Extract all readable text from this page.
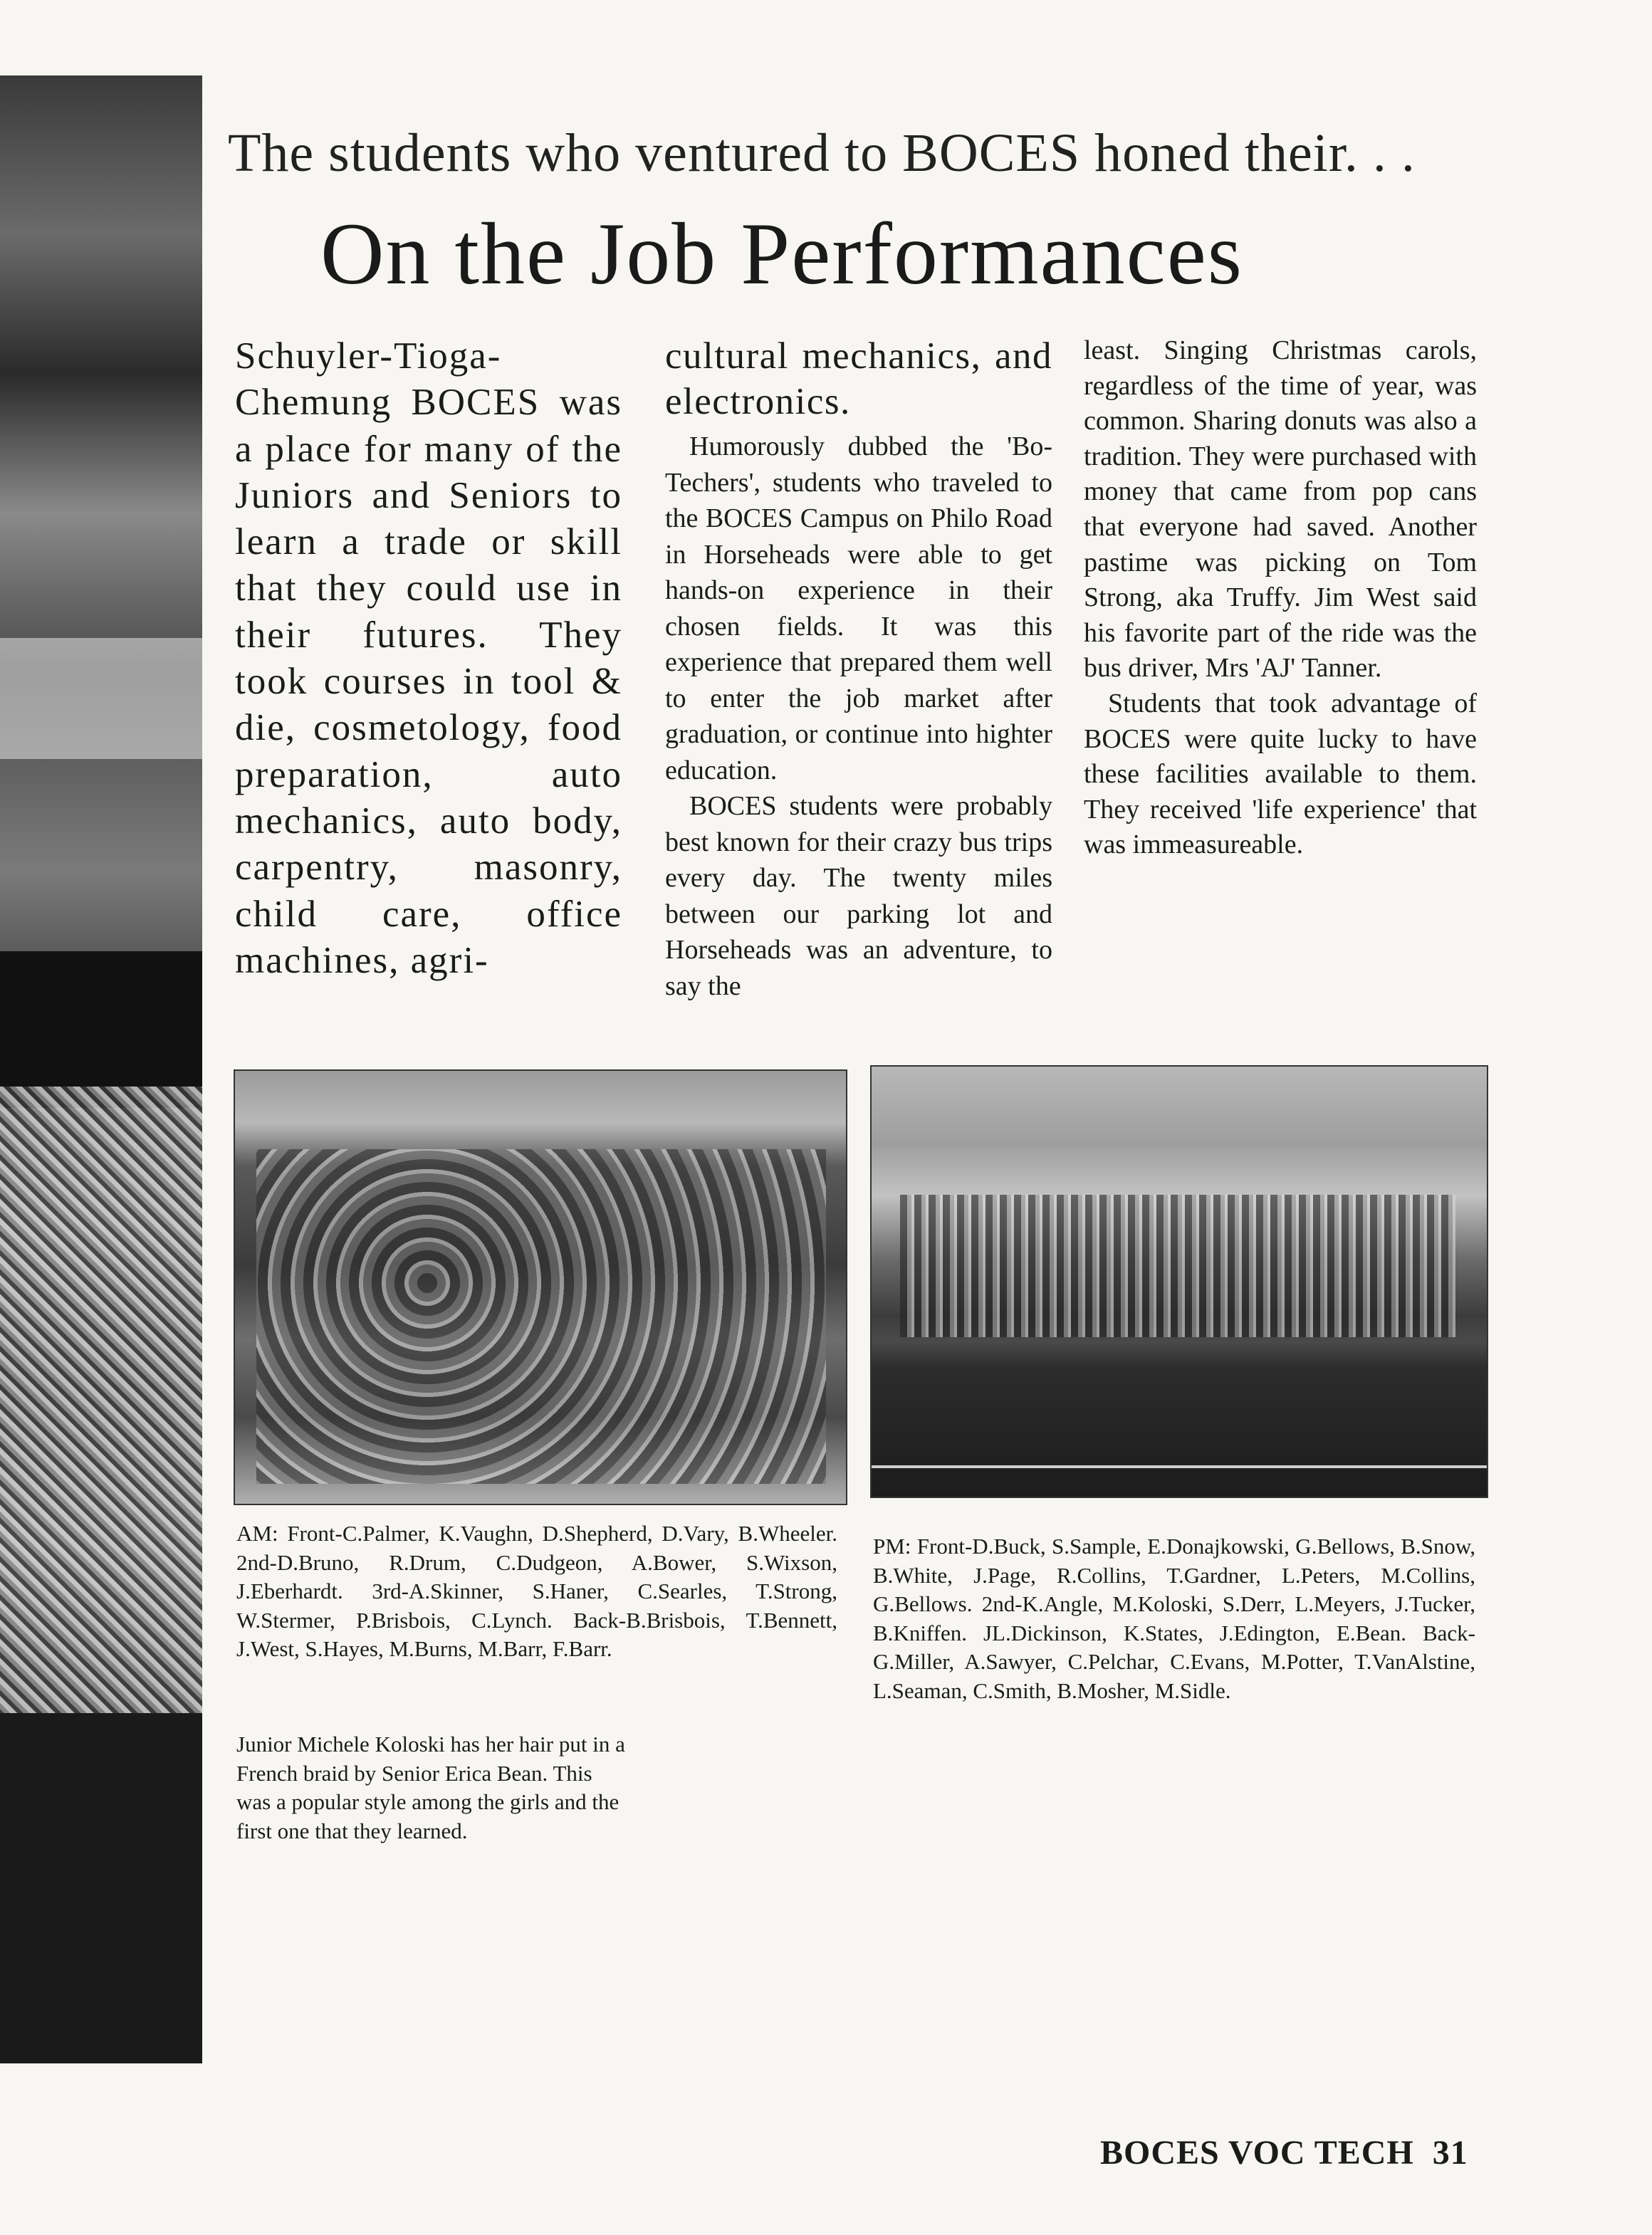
The students who ventured to BOCES honed their. . .
On the Job Performances

Schuyler-Tioga-Chemung BOCES was a place for many of the Juniors and Seniors to learn a trade or skill that they could use in their futures. They took courses in tool & die, cosmetology, food preparation, auto mechanics, auto body, carpentry, masonry, child care, office machines, agri-

cultural mechanics, and electronics.

Humorously dubbed the 'Bo-Techers', students who traveled to the BOCES Campus on Philo Road in Horseheads were able to get hands-on experience in their chosen fields. It was this experience that prepared them well to enter the job market after graduation, or continue into highter education.

BOCES students were probably best known for their crazy bus trips every day. The twenty miles between our parking lot and Horseheads was an adventure, to say the

least. Singing Christmas carols, regardless of the time of year, was common. Sharing donuts was also a tradition. They were purchased with money that came from pop cans that everyone had saved. Another pastime was picking on Tom Strong, aka Truffy. Jim West said his favorite part of the ride was the bus driver, Mrs 'AJ' Tanner.

Students that took advantage of BOCES were quite lucky to have these facilities available to them. They received 'life experience' that was immeasureable.

AM: Front-C.Palmer, K.Vaughn, D.Shepherd, D.Vary, B.Wheeler. 2nd-D.Bruno, R.Drum, C.Dudgeon, A.Bower, S.Wixson, J.Eberhardt. 3rd-A.Skinner, S.Haner, C.Searles, T.Strong, W.Stermer, P.Brisbois, C.Lynch. Back-B.Brisbois, T.Bennett, J.West, S.Hayes, M.Burns, M.Barr, F.Barr.
PM: Front-D.Buck, S.Sample, E.Donajkowski, G.Bellows, B.Snow, B.White, J.Page, R.Collins, T.Gardner, L.Peters, M.Collins, G.Bellows. 2nd-K.Angle, M.Koloski, S.Derr, L.Meyers, J.Tucker, B.Kniffen. JL.Dickinson, K.States, J.Edington, E.Bean. Back-G.Miller, A.Sawyer, C.Pelchar, C.Evans, M.Potter, T.VanAlstine, L.Seaman, C.Smith, B.Mosher, M.Sidle.
Junior Michele Koloski has her hair put in a French braid by Senior Erica Bean. This was a popular style among the girls and the first one that they learned.
BOCES VOC TECH 31
